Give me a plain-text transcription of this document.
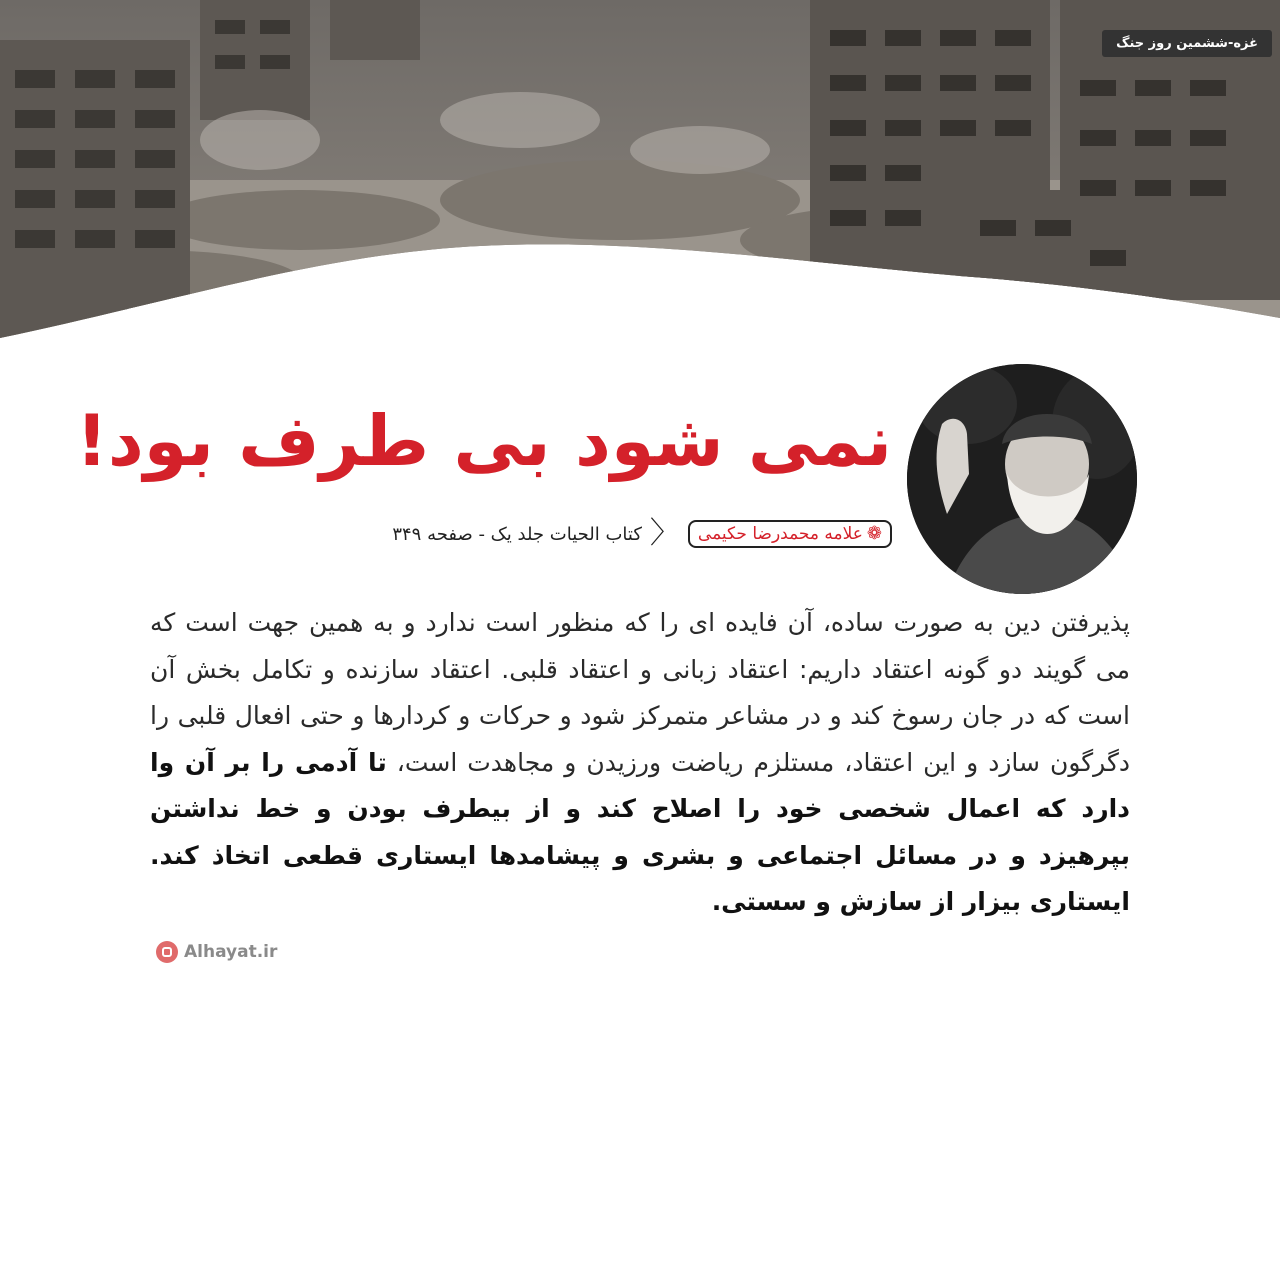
غزه-ششمین روز جنگ
نمی شود بی طرف بود!
❁
علامه محمدرضا حکیمی
〈
کتاب الحیات جلد یک - صفحه ۳۴۹
پذیرفتن دین به صورت ساده، آن فایده ای را که منظور است ندارد و به همین جهت است که می گویند دو گونه اعتقاد داریم: اعتقاد زبانی و اعتقاد قلبی. اعتقاد سازنده و تکامل بخش آن است که در جان رسوخ کند و در مشاعر متمرکز شود و حرکات و کردارها و حتی افعال قلبی را دگرگون سازد و این اعتقاد، مستلزم ریاضت ورزیدن و مجاهدت است، تا آدمی را بر آن وا دارد که اعمال شخصی خود را اصلاح کند و از بیطرف بودن و خط نداشتن بپرهیزد و در مسائل اجتماعی و بشری و پیشامدها ایستاری قطعی اتخاذ کند. ایستاری بیزار از سازش و سستی.
Alhayat.ir
